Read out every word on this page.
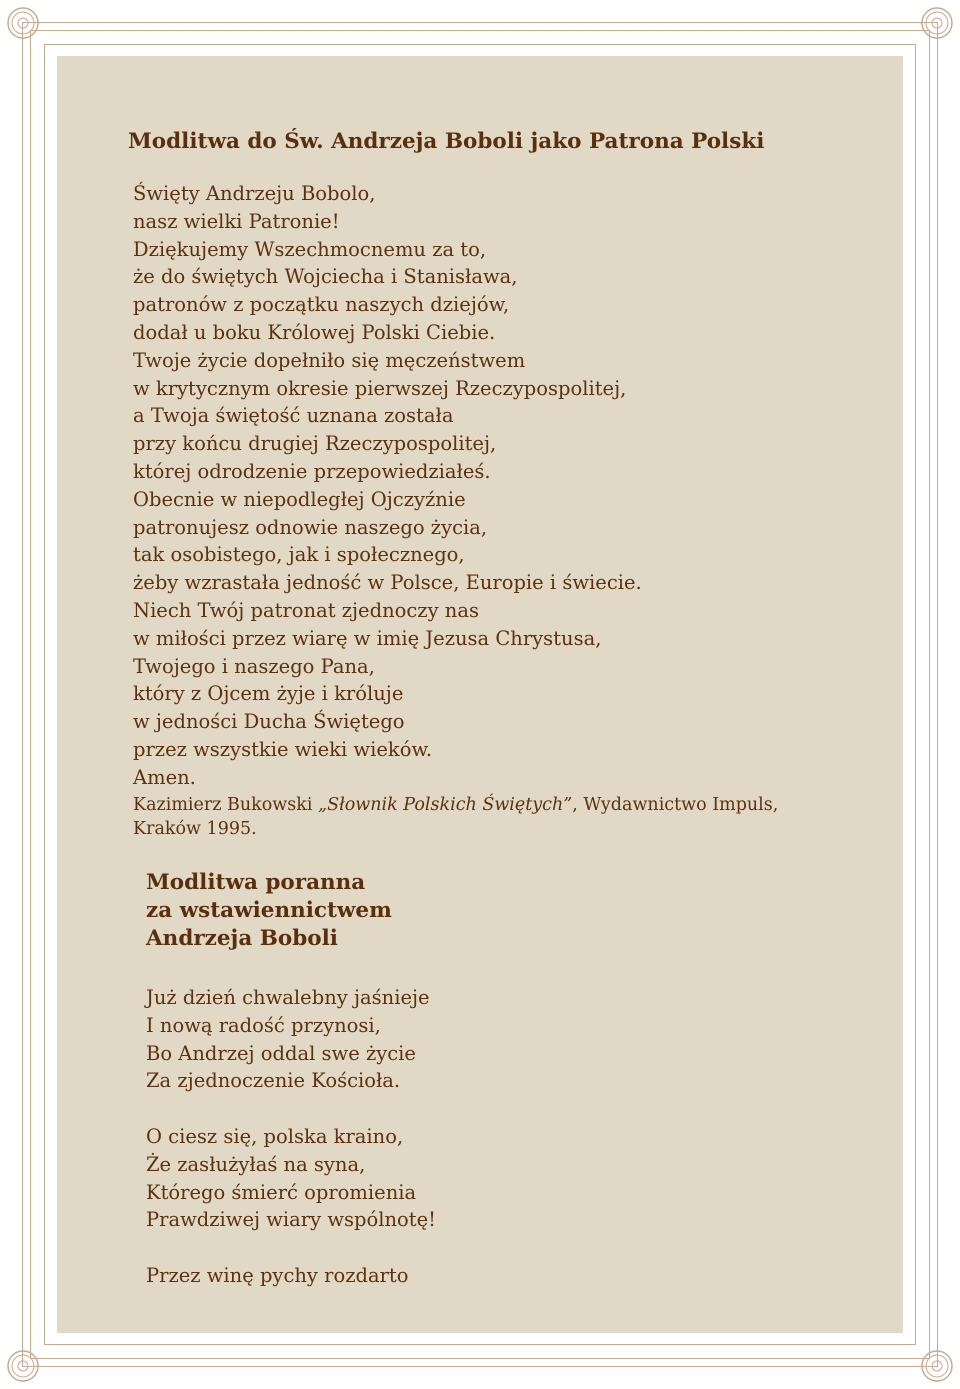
Modlitwa do Św. Andrzeja Boboli jako Patrona Polski
Święty Andrzeju Bobolo,
nasz wielki Patronie!
Dziękujemy Wszechmocnemu za to,
że do świętych Wojciecha i Stanisława,
patronów z początku naszych dziejów,
dodał u boku Królowej Polski Ciebie.
Twoje życie dopełniło się męczeństwem
w krytycznym okresie pierwszej Rzeczypospolitej,
a Twoja świętość uznana została
przy końcu drugiej Rzeczypospolitej,
której odrodzenie przepowiedziałeś.
Obecnie w niepodległej Ojczyźnie
patronujesz odnowie naszego życia,
tak osobistego, jak i społecznego,
żeby wzrastała jedność w Polsce, Europie i świecie.
Niech Twój patronat zjednoczy nas
w miłości przez wiarę w imię Jezusa Chrystusa,
Twojego i naszego Pana,
który z Ojcem żyje i króluje
w jedności Ducha Świętego
przez wszystkie wieki wieków.
Amen.

Kazimierz Bukowski „Słownik Polskich Świętych”, Wydawnictwo Impuls,

Kraków 1995.

Modlitwa poranna
za wstawiennictwem
Andrzeja Boboli
Już dzień chwalebny jaśnieje
I nową radość przynosi,
Bo Andrzej oddal swe życie
Za zjednoczenie Kościoła.
O ciesz się, polska kraino,
Że zasłużyłaś na syna,
Którego śmierć opromienia
Prawdziwej wiary wspólnotę!
Przez winę pychy rozdarto
